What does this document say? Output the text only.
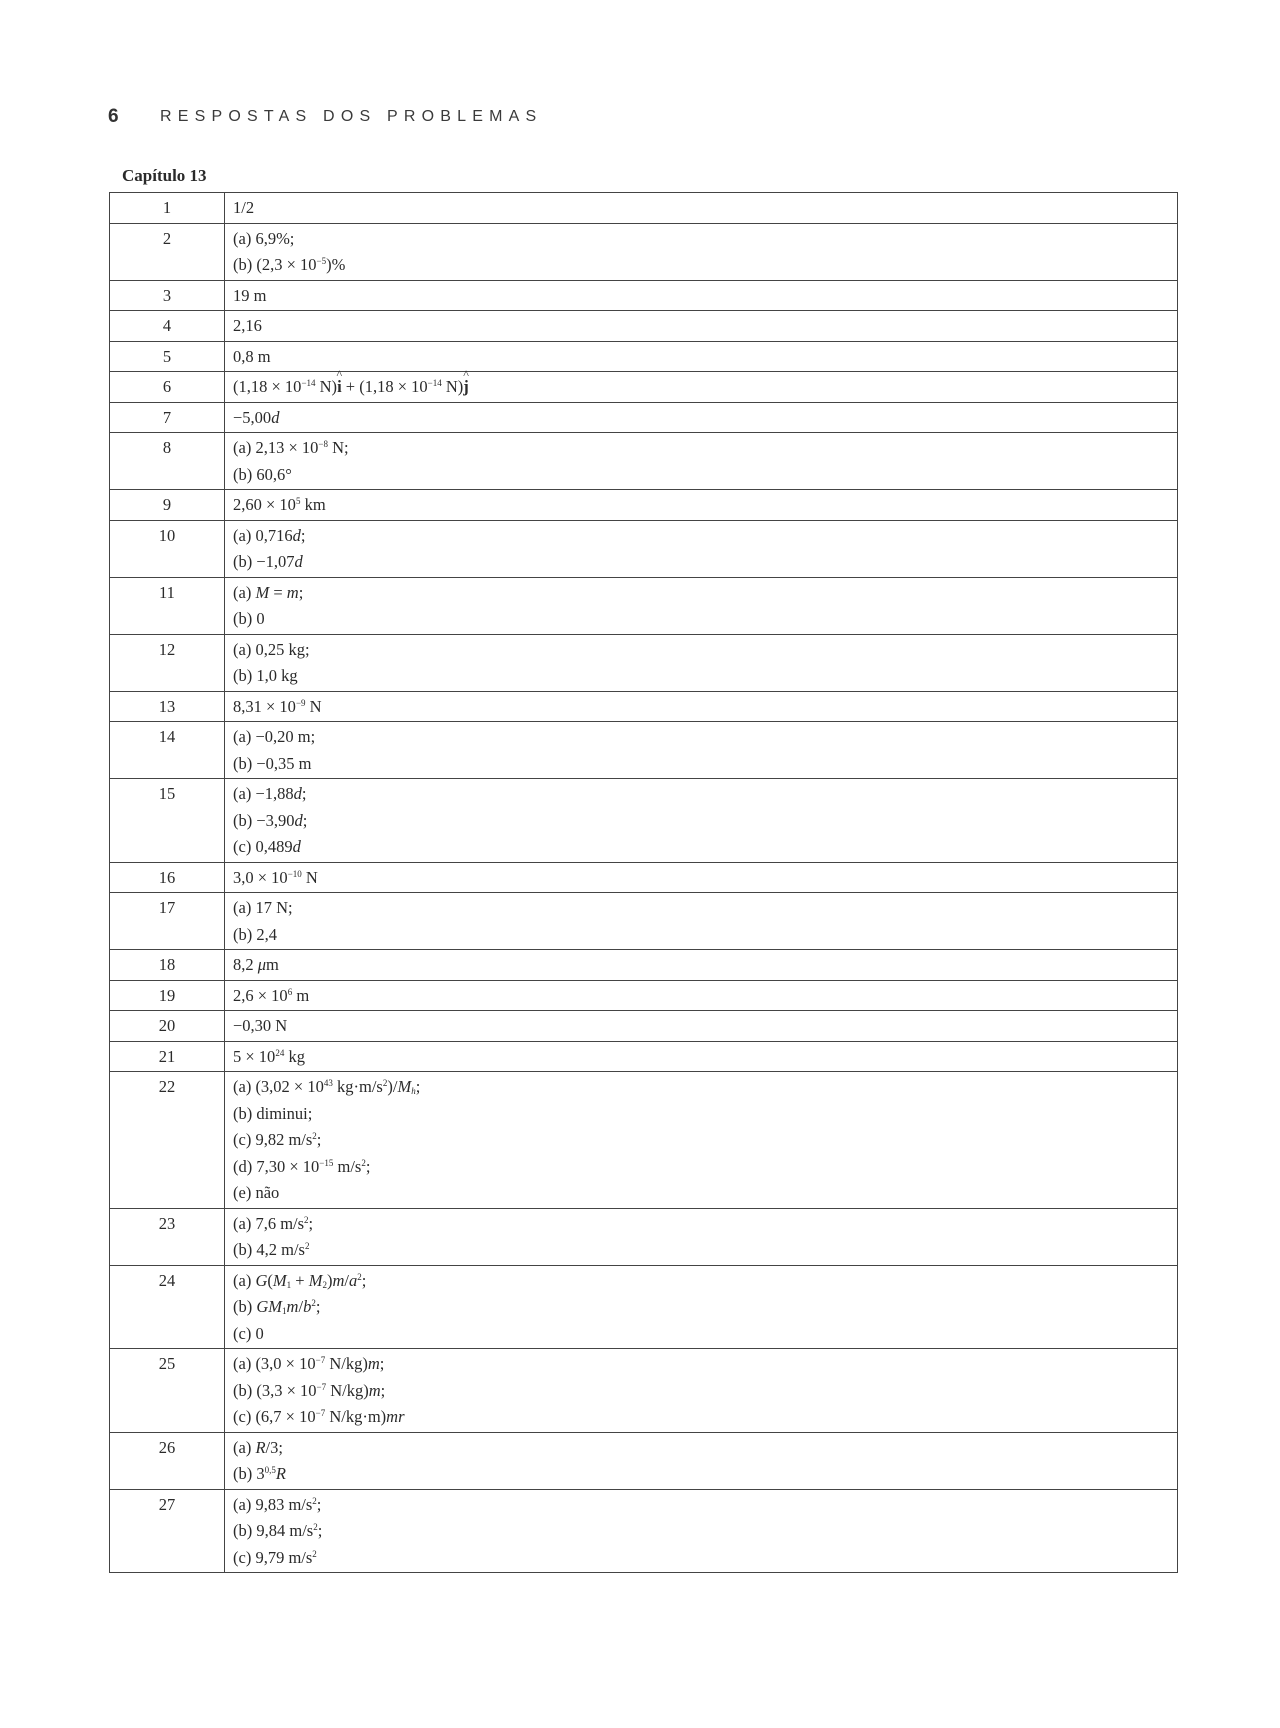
6	RESPOSTAS DOS PROBLEMAS
Capítulo 13
1	1/2

2	(a) 6,9%;
(b) $(2,3 \times 10^{-5})\%$

3	19 m

4	2,16

5	0,8 m

6	($1,18 \times 10^{-14}$ N)^ $i + (1,18 \times 10^{-14}$ N)^ j

7	−5,00d

8	(a) $2,13 \times 10^{-8}$ N;
(b) 60,6°

9	$2,60 \times 10^5$ km

10	(a) 0,716d;
(b) −1,07d

11	(a) M = m;
(b) 0

12	(a) 0,25 kg;
(b) 1,0 kg

13	$8,31 \times 10^{-9}$ N

14	(a) −0,20 m;
(b) −0,35 m

15	(a) −1,88d;
(b) −3,90d;
(c) 0,489d

16	$3,0 \times 10^{-10}$ N

17	(a) 17 N;
(b) 2,4

18	8,2 μm

19	$2,6 \times 10^6$ m

20	−0,30 N

21	$5 \times 10^{24}$ kg

22	(a) ($3,02 \times 10^{43}$ $kg\cdot m/s^2)/M_h$;
(b) diminui;
(c) 9,82 $m/s^2$;
(d) $7,30 \times 10^{-15}$ $m/s^2$;
(e) não

23	(a) 7,6 $m/s^2$;
(b) 4,2 $m/s^2$

24	(a) $G(M_1 + M_2)m/a^2$;
(b) $GM_1m/b^2$;
(c) 0

25	(a) ($3,0 \times 10^{-7}$ N/kg)m;
(b) ($3,3 \times 10^{-7}$ N/kg)m;
(c) ($6,7 \times 10^{-7}$ N/kg·m)mr

26	(a) R/3;
(b) 3$^{0,5}$R

27	(a) 9,83 $m/s^2$;
(b) 9,84 $m/s^2$;
(c) 9,79 $m/s^2$
